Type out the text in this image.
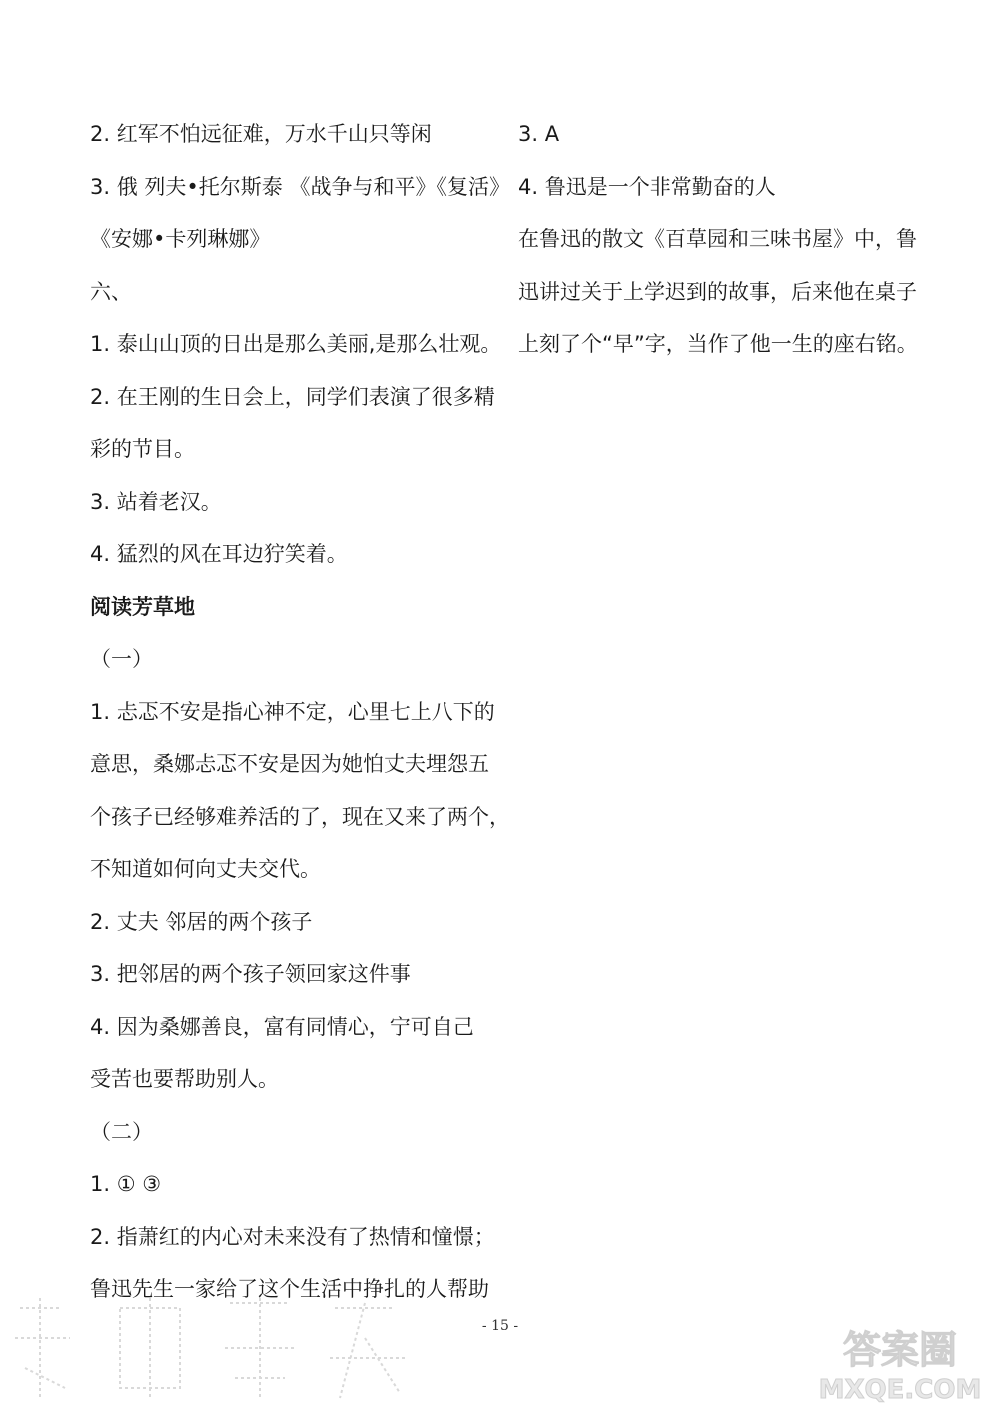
2. 红军不怕远征难，万水千山只等闲
3. 俄 列夫•托尔斯泰 《战争与和平》《复活》
《安娜•卡列琳娜》
六、
1. 泰山山顶的日出是那么美丽,是那么壮观。
2. 在王刚的生日会上，同学们表演了很多精
彩的节目。
3. 站着老汉。
4. 猛烈的风在耳边狞笑着。
阅读芳草地
（一）
1. 忐忑不安是指心神不定，心里七上八下的
意思，桑娜忐忑不安是因为她怕丈夫埋怨五
个孩子已经够难养活的了，现在又来了两个，
不知道如何向丈夫交代。
2. 丈夫 邻居的两个孩子
3. 把邻居的两个孩子领回家这件事
4. 因为桑娜善良，富有同情心，宁可自己
受苦也要帮助别人。
（二）
1. ① ③
2. 指萧红的内心对未来没有了热情和憧憬；
鲁迅先生一家给了这个生活中挣扎的人帮助
3. A
4. 鲁迅是一个非常勤奋的人
在鲁迅的散文《百草园和三味书屋》中，鲁
迅讲过关于上学迟到的故事，后来他在桌子
上刻了个“早”字，当作了他一生的座右铭。
- 15 -
答案圈
MXQE.COM
